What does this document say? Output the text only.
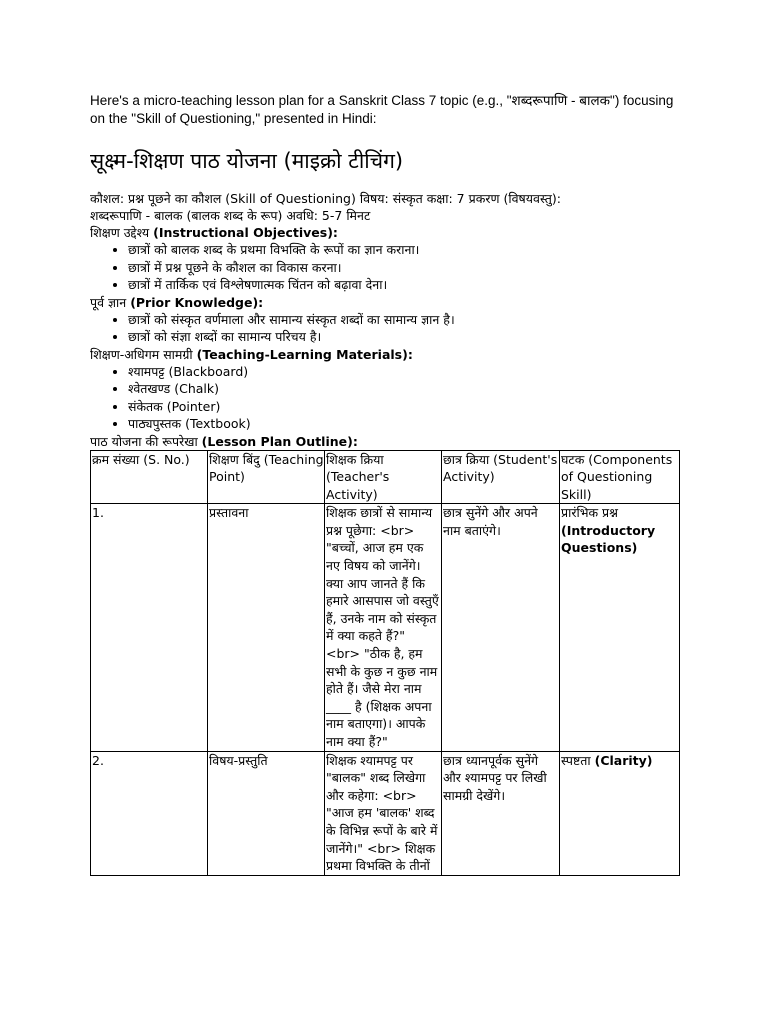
Here's a micro-teaching lesson plan for a Sanskrit Class 7 topic (e.g., "शब्दरूपाणि - बालक") focusing on the "Skill of Questioning," presented in Hindi:

सूक्ष्म-शिक्षण पाठ योजना (माइक्रो टीचिंग)

कौशल: प्रश्न पूछने का कौशल (Skill of Questioning) विषय: संस्कृत कक्षा: 7 प्रकरण (विषयवस्तु):

शब्दरूपाणि - बालक (बालक शब्द के रूप) अवधि: 5-7 मिनट

शिक्षण उद्देश्य (Instructional Objectives):

• छात्रों को बालक शब्द के प्रथमा विभक्ति के रूपों का ज्ञान कराना।
• छात्रों में प्रश्न पूछने के कौशल का विकास करना।
• छात्रों में तार्किक एवं विश्लेषणात्मक चिंतन को बढ़ावा देना।

पूर्व ज्ञान (Prior Knowledge):

• छात्रों को संस्कृत वर्णमाला और सामान्य संस्कृत शब्दों का सामान्य ज्ञान है।
• छात्रों को संज्ञा शब्दों का सामान्य परिचय है।

शिक्षण-अधिगम सामग्री (Teaching-Learning Materials):

• श्यामपट्ट (Blackboard)
• श्वेतखण्ड (Chalk)
• संकेतक (Pointer)
• पाठ्यपुस्तक (Textbook)

पाठ योजना की रूपरेखा (Lesson Plan Outline):

क्रम संख्या (S. No.)	शिक्षण बिंदु (Teaching Point)	शिक्षक क्रिया (Teacher's Activity)	छात्र क्रिया (Student's Activity)	घटक (Components of Questioning Skill)
1.	प्रस्तावना	शिक्षक छात्रों से सामान्य प्रश्न पूछेगा: <br> "बच्चों, आज हम एक नए विषय को जानेंगे। क्या आप जानते हैं कि हमारे आसपास जो वस्तुएँ हैं, उनके नाम को संस्कृत में क्या कहते हैं?" <br> "ठीक है, हम सभी के कुछ न कुछ नाम होते हैं। जैसे मेरा नाम ____ है (शिक्षक अपना नाम बताएगा)। आपके नाम क्या हैं?"	छात्र सुनेंगे और अपने नाम बताएंगे।	प्रारंभिक प्रश्न (Introductory Questions)
2.	विषय-प्रस्तुति	शिक्षक श्यामपट्ट पर "बालक" शब्द लिखेगा और कहेगा: <br> "आज हम 'बालक' शब्द के विभिन्न रूपों के बारे में जानेंगे।" <br> शिक्षक प्रथमा विभक्ति के तीनों	छात्र ध्यानपूर्वक सुनेंगे और श्यामपट्ट पर लिखी सामग्री देखेंगे।	स्पष्टता (Clarity)
